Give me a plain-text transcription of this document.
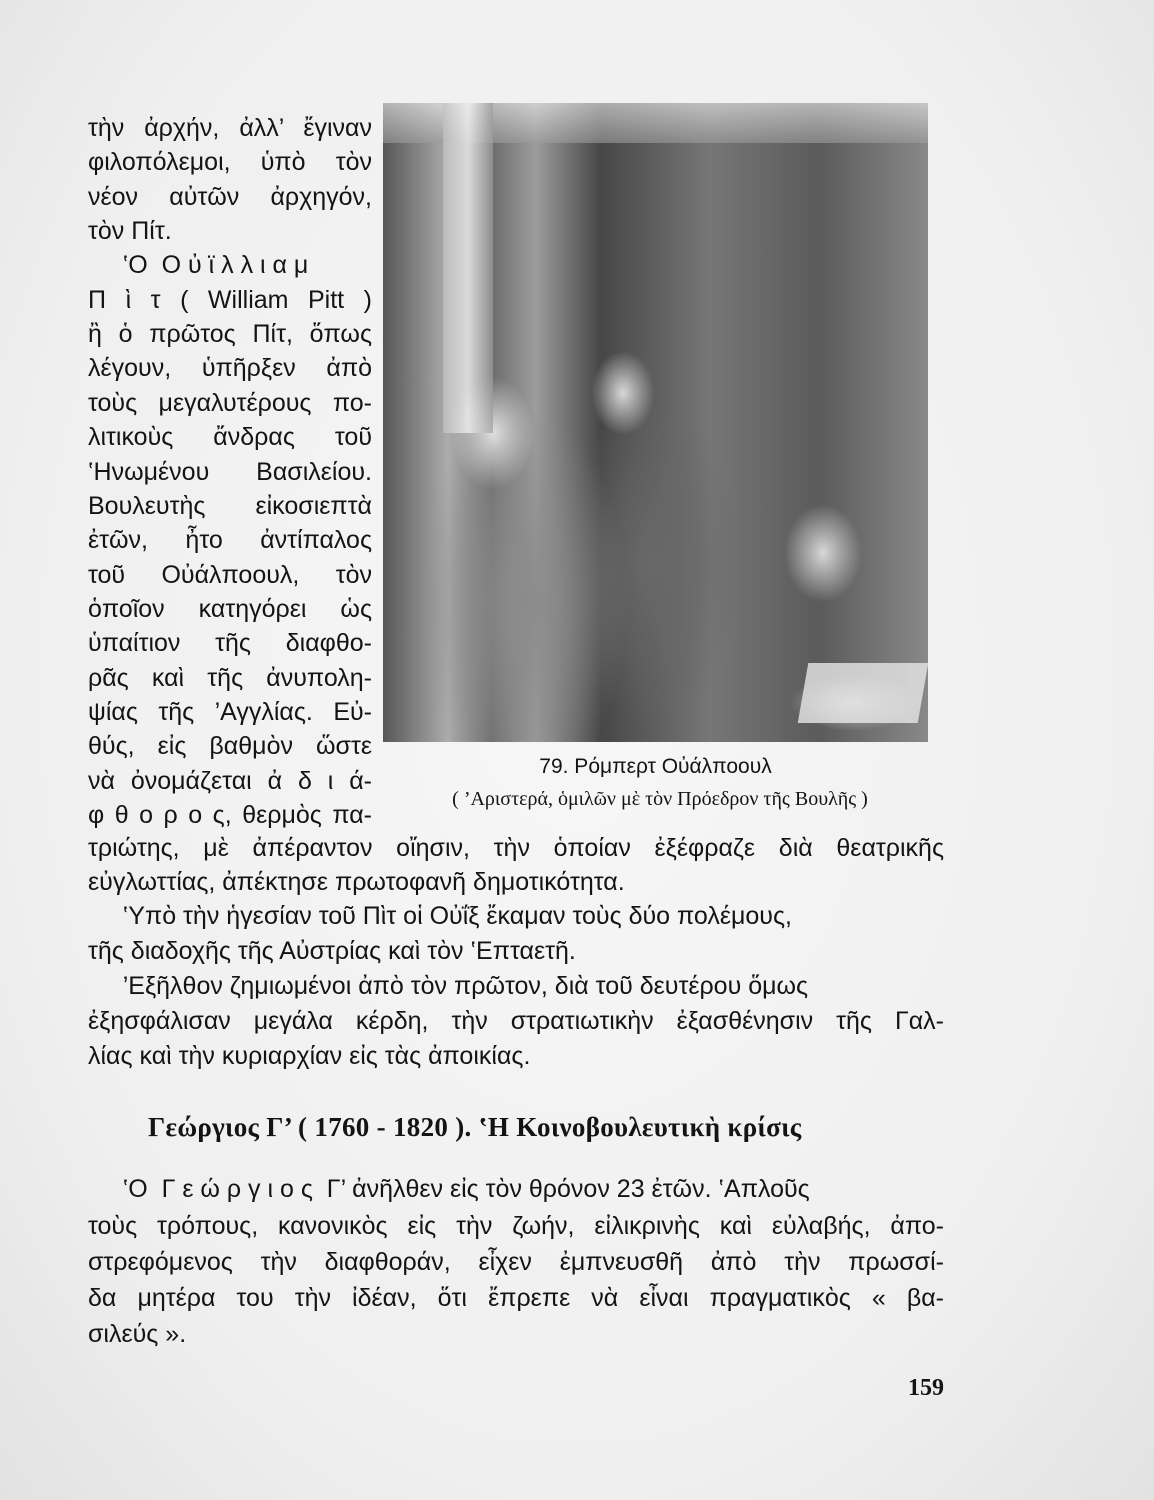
τὴν ἀρχήν, ἀλλ’ ἔγιναν
φιλοπόλεμοι, ὑπὸ τὸν
νέον αὐτῶν ἀρχηγόν,
τὸν Πίτ.
‛Ο  Ο ὐ ϊ λ λ ι α μ
Π ὶ τ ( William Pitt )
ἢ ὁ πρῶτος Πίτ, ὅπως
λέγουν, ὑπῆρξεν ἀπὸ
τοὺς μεγαλυτέρους πο-
λιτικοὺς ἄνδρας τοῦ
‛Ηνωμένου Βασιλείου.
Βουλευτὴς εἰκοσιεπτὰ
ἐτῶν, ἦτο ἀντίπαλος
τοῦ Οὐάλποουλ, τὸν
ὁποῖον κατηγόρει ὡς
ὑπαίτιον τῆς διαφθο-
ρᾶς καὶ τῆς ἀνυπολη-
ψίας τῆς ’Αγγλίας. Εὐ-
θύς, εἰς βαθμὸν ὥστε
νὰ ὀνομάζεται ἀ δ ι ά-
φ θ ο ρ ο ς, θερμὸς πα-
τριώτης, μὲ ἀπέραντον οἴησιν, τὴν ὁποίαν ἐξέφραζε διὰ θεατρικῆς
εὐγλωττίας, ἀπέκτησε πρωτοφανῆ δημοτικότητα.
‛Υπὸ τὴν ἡγεσίαν τοῦ Πὶτ οἱ Οὐΐξ ἔκαμαν τοὺς δύο πολέμους,
τῆς διαδοχῆς τῆς Αὐστρίας καὶ τὸν ‛Επταετῆ.
’Εξῆλθον ζημιωμένοι ἀπὸ τὸν πρῶτον, διὰ τοῦ δευτέρου ὅμως
ἐξησφάλισαν μεγάλα κέρδη, τὴν στρατιωτικὴν ἐξασθένησιν τῆς Γαλ-
λίας καὶ τὴν κυριαρχίαν εἰς τὰς ἀποικίας.
‛Ο  Γ ε ώ ρ γ ι ο ς  Γ’ ἀνῆλθεν εἰς τὸν θρόνον 23 ἐτῶν. ‛Απλοῦς
τοὺς τρόπους, κανονικὸς εἰς τὴν ζωήν, εἰλικρινὴς καὶ εὐλαβής, ἀπο-
στρεφόμενος τὴν διαφθοράν, εἶχεν ἐμπνευσθῆ ἀπὸ τὴν πρωσσί-
δα μητέρα του τὴν ἰδέαν, ὅτι ἔπρεπε νὰ εἶναι πραγματικὸς « βα-
σιλεύς ».
79. Ρόμπερτ Οὐάλποουλ
( ’Αριστερά, ὁμιλῶν μὲ τὸν Πρόεδρον τῆς Βουλῆς )
Γεώργιος Γ’ ( 1760 - 1820 ). ‛Η Κοινοβουλευτικὴ κρίσις
159
